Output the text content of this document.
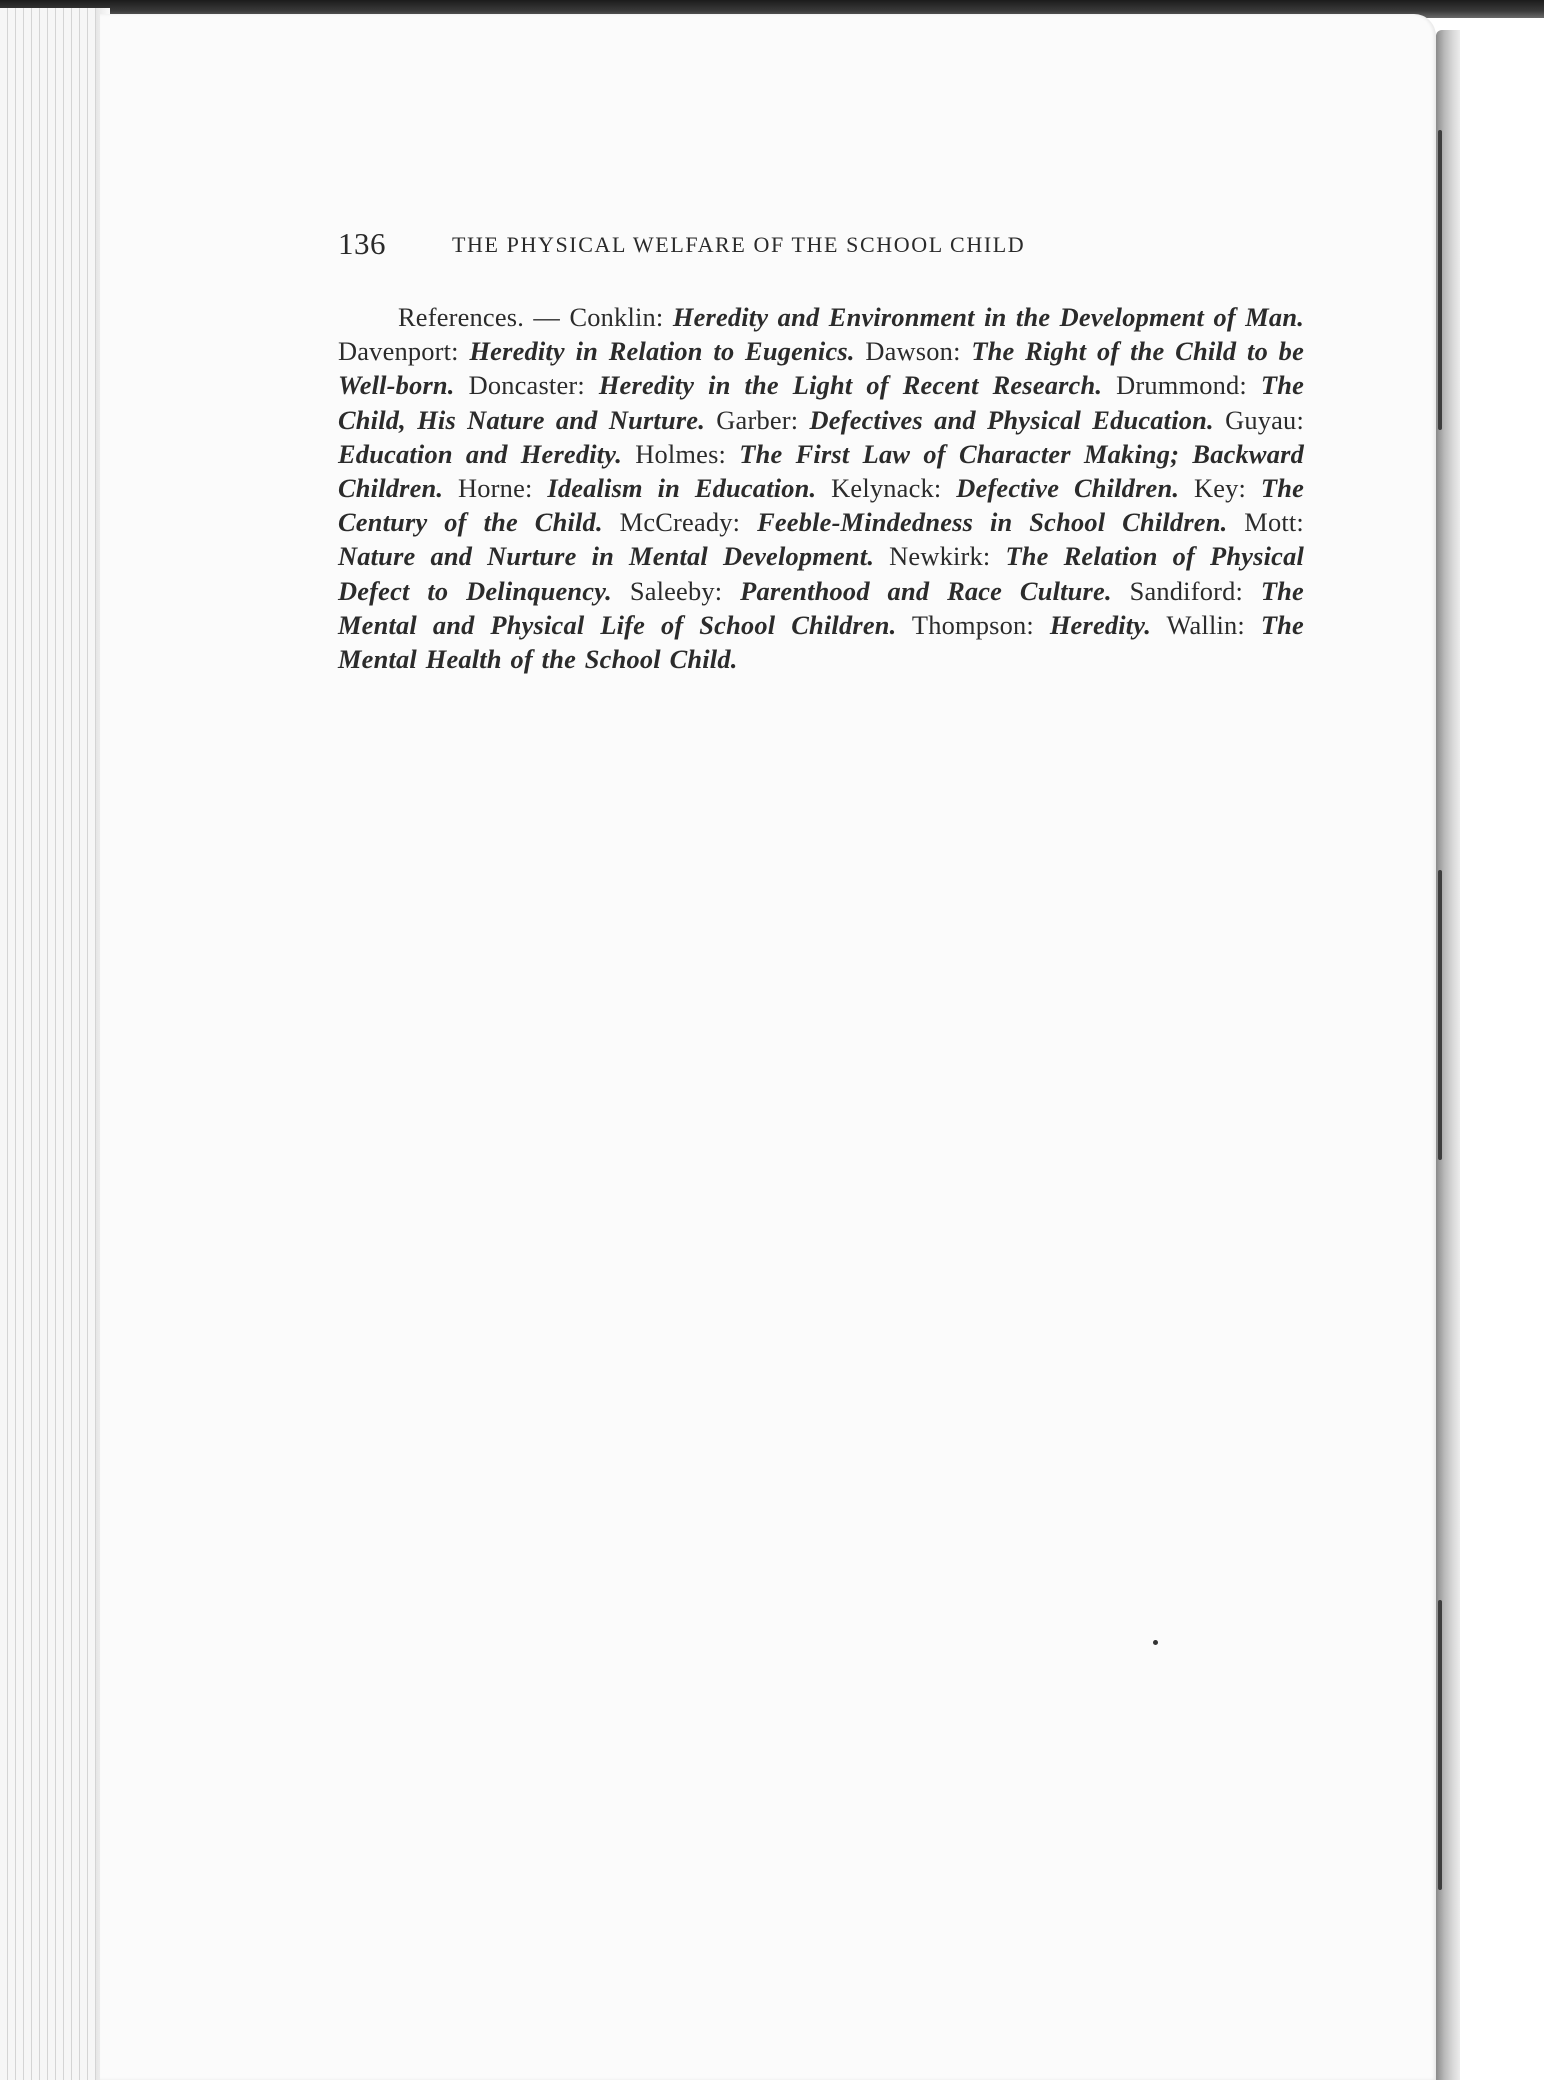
136	THE PHYSICAL WELFARE OF THE SCHOOL CHILD

References. — Conklin: Heredity and Environment in the Development of Man. Davenport: Heredity in Relation to Eugenics. Dawson: The Right of the Child to be Well-born. Doncaster: Heredity in the Light of Recent Research. Drummond: The Child, His Nature and Nurture. Garber: Defectives and Physical Education. Guyau: Education and Heredity. Holmes: The First Law of Character Making; Backward Children. Horne: Idealism in Education. Kelynack: Defective Children. Key: The Century of the Child. McCready: Feeble-Mindedness in School Children. Mott: Nature and Nurture in Mental Development. Newkirk: The Relation of Physical Defect to Delinquency. Saleeby: Parenthood and Race Culture. Sandiford: The Mental and Physical Life of School Children. Thompson: Heredity. Wallin: The Mental Health of the School Child.
